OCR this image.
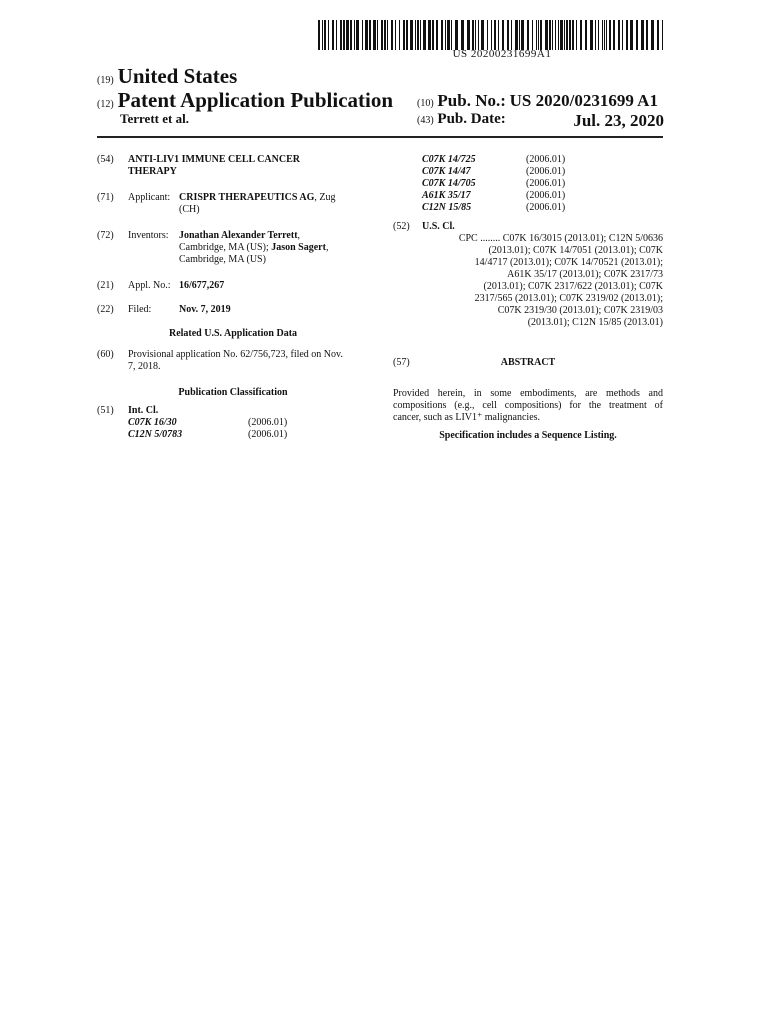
US 20200231699A1
(19) United States
(12) Patent Application Publication
Terrett et al.
(10) Pub. No.: US 2020/0231699 A1
(43) Pub. Date:	Jul. 23, 2020
(54) ANTI-LIV1 IMMUNE CELL CANCER
THERAPY
(71) Applicant: CRISPR THERAPEUTICS AG, Zug
(CH)
(72) Inventors: Jonathan Alexander Terrett,
Cambridge, MA (US); Jason Sagert,
Cambridge, MA (US)
(21) Appl. No.: 16/677,267
(22) Filed:	Nov. 7, 2019
Related U.S. Application Data
(60) Provisional application No. 62/756,723, filed on Nov.
7, 2018.
Publication Classification
(51) Int. Cl.
C07K 16/30	(2006.01)
C12N 5/0783	(2006.01)
C07K 14/725	(2006.01)
C07K 14/47	(2006.01)
C07K 14/705	(2006.01)
A61K 35/17	(2006.01)
C12N 15/85	(2006.01)
(52) U.S. Cl.
CPC ........ C07K 16/3015 (2013.01); C12N 5/0636
(2013.01); C07K 14/7051 (2013.01); C07K
14/4717 (2013.01); C07K 14/70521 (2013.01);
A61K 35/17 (2013.01); C07K 2317/73
(2013.01); C07K 2317/622 (2013.01); C07K
2317/565 (2013.01); C07K 2319/02 (2013.01);
C07K 2319/30 (2013.01); C07K 2319/03
(2013.01); C12N 15/85 (2013.01)
(57)	ABSTRACT
Provided herein, in some embodiments, are methods and
compositions (e.g., cell compositions) for the treatment of
cancer, such as LIV1⁺ malignancies.
Specification includes a Sequence Listing.
